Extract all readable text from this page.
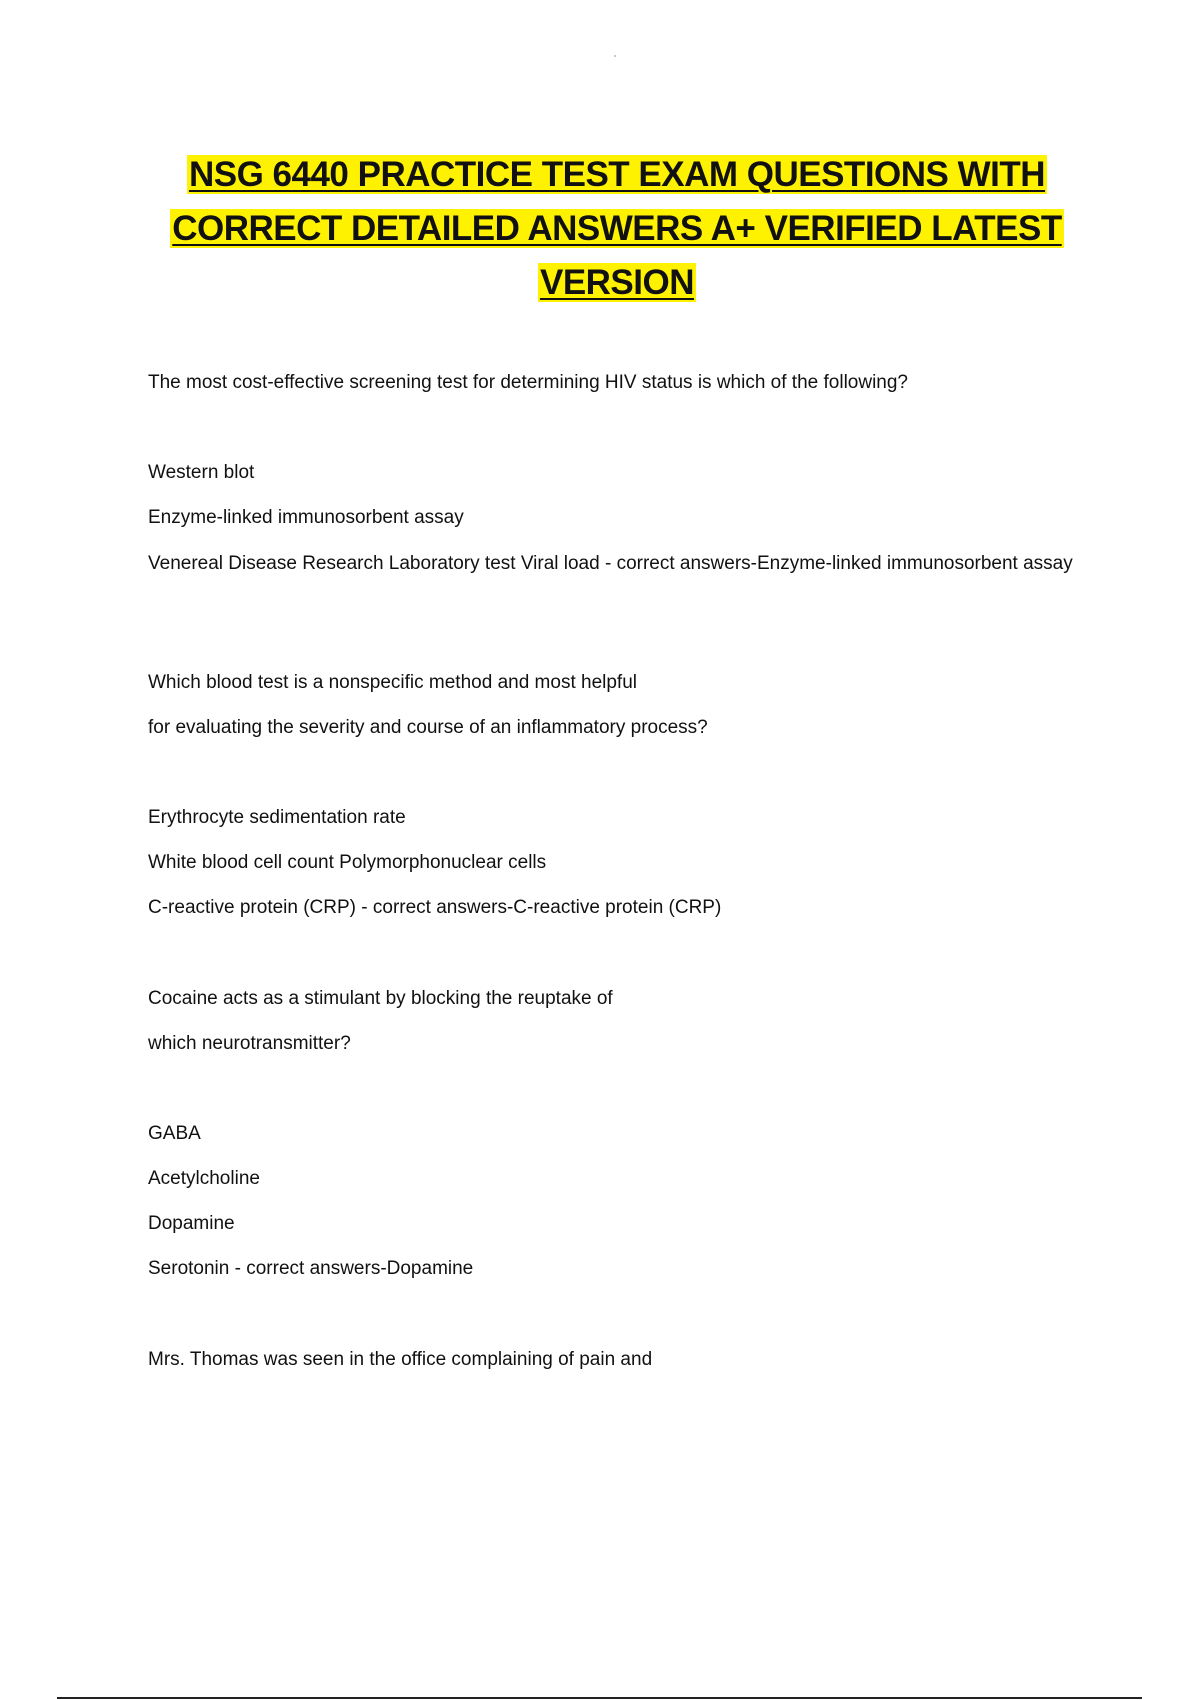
NSG 6440 PRACTICE TEST EXAM QUESTIONS WITH
CORRECT DETAILED ANSWERS A+ VERIFIED LATEST
VERSION
The most cost-effective screening test for determining HIV status is which of the following?
Western blot
Enzyme-linked immunosorbent assay
Venereal Disease Research Laboratory test Viral load - correct answers-Enzyme-linked immunosorbent assay
Which blood test is a nonspecific method and most helpful
for evaluating the severity and course of an inflammatory process?
Erythrocyte sedimentation rate
White blood cell count Polymorphonuclear cells
C-reactive protein (CRP) - correct answers-C-reactive protein (CRP)
Cocaine acts as a stimulant by blocking the reuptake of
which neurotransmitter?
GABA
Acetylcholine
Dopamine
Serotonin - correct answers-Dopamine
Mrs. Thomas was seen in the office complaining of pain and
